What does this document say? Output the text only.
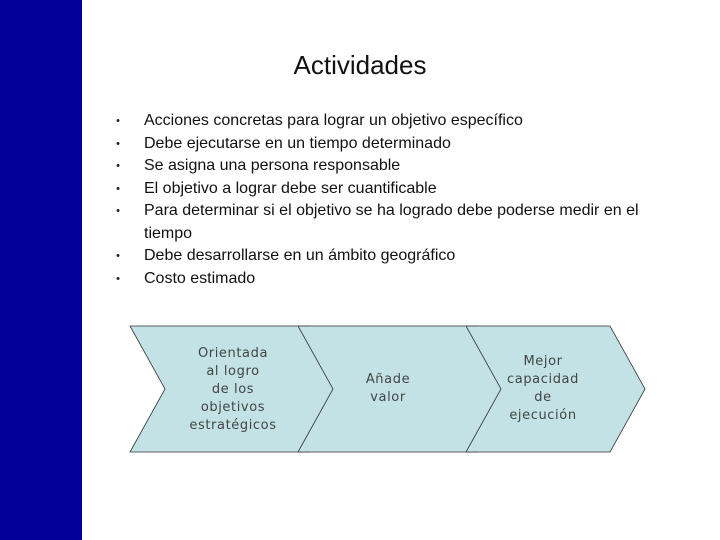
Actividades
• Acciones concretas para lograr un objetivo específico
• Debe ejecutarse en un tiempo determinado
• Se asigna una persona responsable
• El objetivo a lograr debe ser cuantificable
• Para determinar si el objetivo se ha logrado debe poderse medir en el tiempo
• Debe desarrollarse en un ámbito geográfico
• Costo estimado
Orientada
al logro
de los
objetivos
estratégicos
Añade
valor
Mejor
capacidad
de
ejecución
